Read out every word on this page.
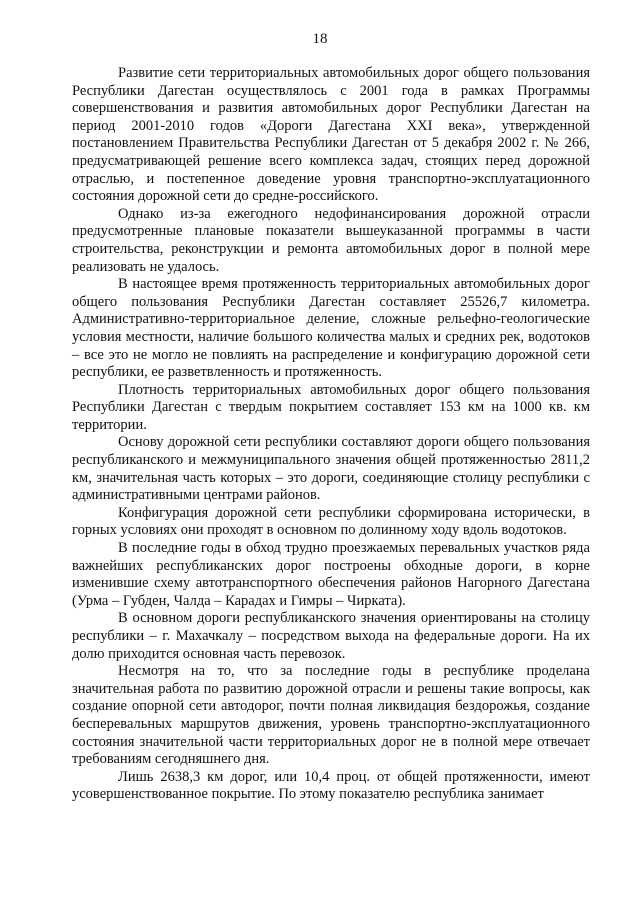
18

Развитие сети территориальных автомобильных дорог общего пользования Республики Дагестан осуществлялось с 2001 года в рамках Программы совершенствования и развития автомобильных дорог Республики Дагестан на период 2001-2010 годов «Дороги Дагестана XXI века», утвержденной постановлением Правительства Республики Дагестан от 5 декабря 2002 г. № 266, предусматривающей решение всего комплекса задач, стоящих перед дорожной отраслью, и постепенное доведение уровня транспортно-эксплуатационного состояния дорожной сети до средне-российского.

Однако из-за ежегодного недофинансирования дорожной отрасли предусмотренные плановые показатели вышеуказанной программы в части строительства, реконструкции и ремонта автомобильных дорог в полной мере реализовать не удалось.

В настоящее время протяженность территориальных автомобильных дорог общего пользования Республики Дагестан составляет 25526,7 километра. Административно-территориальное деление, сложные рельефно-геологические условия местности, наличие большого количества малых и средних рек, водотоков – все это не могло не повлиять на распределение и конфигурацию дорожной сети республики, ее разветвленность и протяженность.

Плотность территориальных автомобильных дорог общего пользования Республики Дагестан с твердым покрытием составляет 153 км на 1000 кв. км территории.

Основу дорожной сети республики составляют дороги общего пользования республиканского и межмуниципального значения общей протяженностью 2811,2 км, значительная часть которых – это дороги, соединяющие столицу республики с административными центрами районов.

Конфигурация дорожной сети республики сформирована исторически, в горных условиях они проходят в основном по долинному ходу вдоль водотоков.

В последние годы в обход трудно проезжаемых перевальных участков ряда важнейших республиканских дорог построены обходные дороги, в корне изменившие схему автотранспортного обеспечения районов Нагорного Дагестана (Урма – Губден, Чалда – Карадах и Гимры – Чирката).

В основном дороги республиканского значения ориентированы на столицу республики – г. Махачкалу – посредством выхода на федеральные дороги. На их долю приходится основная часть перевозок.

Несмотря на то, что за последние годы в республике проделана значительная работа по развитию дорожной отрасли и решены такие вопросы, как создание опорной сети автодорог, почти полная ликвидация бездорожья, создание бесперевальных маршрутов движения, уровень транспортно-эксплуатационного состояния значительной части территориальных дорог не в полной мере отвечает требованиям сегодняшнего дня.

Лишь 2638,3 км дорог, или 10,4 проц. от общей протяженности, имеют усовершенствованное покрытие. По этому показателю республика занимает
